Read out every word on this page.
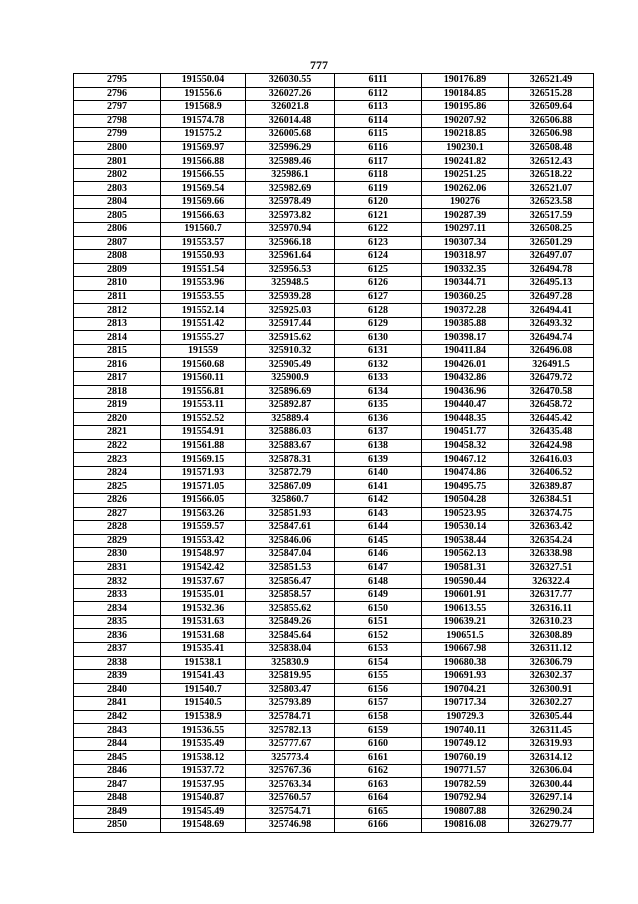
777
2795	191550.04	326030.55	6111	190176.89	326521.49
2796	191556.6	326027.26	6112	190184.85	326515.28
2797	191568.9	326021.8	6113	190195.86	326509.64
2798	191574.78	326014.48	6114	190207.92	326506.88
2799	191575.2	326005.68	6115	190218.85	326506.98
2800	191569.97	325996.29	6116	190230.1	326508.48
2801	191566.88	325989.46	6117	190241.82	326512.43
2802	191566.55	325986.1	6118	190251.25	326518.22
2803	191569.54	325982.69	6119	190262.06	326521.07
2804	191569.66	325978.49	6120	190276	326523.58
2805	191566.63	325973.82	6121	190287.39	326517.59
2806	191560.7	325970.94	6122	190297.11	326508.25
2807	191553.57	325966.18	6123	190307.34	326501.29
2808	191550.93	325961.64	6124	190318.97	326497.07
2809	191551.54	325956.53	6125	190332.35	326494.78
2810	191553.96	325948.5	6126	190344.71	326495.13
2811	191553.55	325939.28	6127	190360.25	326497.28
2812	191552.14	325925.03	6128	190372.28	326494.41
2813	191551.42	325917.44	6129	190385.88	326493.32
2814	191555.27	325915.62	6130	190398.17	326494.74
2815	191559	325910.32	6131	190411.84	326496.08
2816	191560.68	325905.49	6132	190426.01	326491.5
2817	191560.11	325900.9	6133	190432.86	326479.72
2818	191556.81	325896.69	6134	190436.96	326470.58
2819	191553.11	325892.87	6135	190440.47	326458.72
2820	191552.52	325889.4	6136	190448.35	326445.42
2821	191554.91	325886.03	6137	190451.77	326435.48
2822	191561.88	325883.67	6138	190458.32	326424.98
2823	191569.15	325878.31	6139	190467.12	326416.03
2824	191571.93	325872.79	6140	190474.86	326406.52
2825	191571.05	325867.09	6141	190495.75	326389.87
2826	191566.05	325860.7	6142	190504.28	326384.51
2827	191563.26	325851.93	6143	190523.95	326374.75
2828	191559.57	325847.61	6144	190530.14	326363.42
2829	191553.42	325846.06	6145	190538.44	326354.24
2830	191548.97	325847.04	6146	190562.13	326338.98
2831	191542.42	325851.53	6147	190581.31	326327.51
2832	191537.67	325856.47	6148	190590.44	326322.4
2833	191535.01	325858.57	6149	190601.91	326317.77
2834	191532.36	325855.62	6150	190613.55	326316.11
2835	191531.63	325849.26	6151	190639.21	326310.23
2836	191531.68	325845.64	6152	190651.5	326308.89
2837	191535.41	325838.04	6153	190667.98	326311.12
2838	191538.1	325830.9	6154	190680.38	326306.79
2839	191541.43	325819.95	6155	190691.93	326302.37
2840	191540.7	325803.47	6156	190704.21	326300.91
2841	191540.5	325793.89	6157	190717.34	326302.27
2842	191538.9	325784.71	6158	190729.3	326305.44
2843	191536.55	325782.13	6159	190740.11	326311.45
2844	191535.49	325777.67	6160	190749.12	326319.93
2845	191538.12	325773.4	6161	190760.19	326314.12
2846	191537.72	325767.36	6162	190771.57	326306.04
2847	191537.95	325763.34	6163	190782.59	326300.44
2848	191540.87	325760.57	6164	190792.94	326297.14
2849	191545.49	325754.71	6165	190807.88	326290.24
2850	191548.69	325746.98	6166	190816.08	326279.77
